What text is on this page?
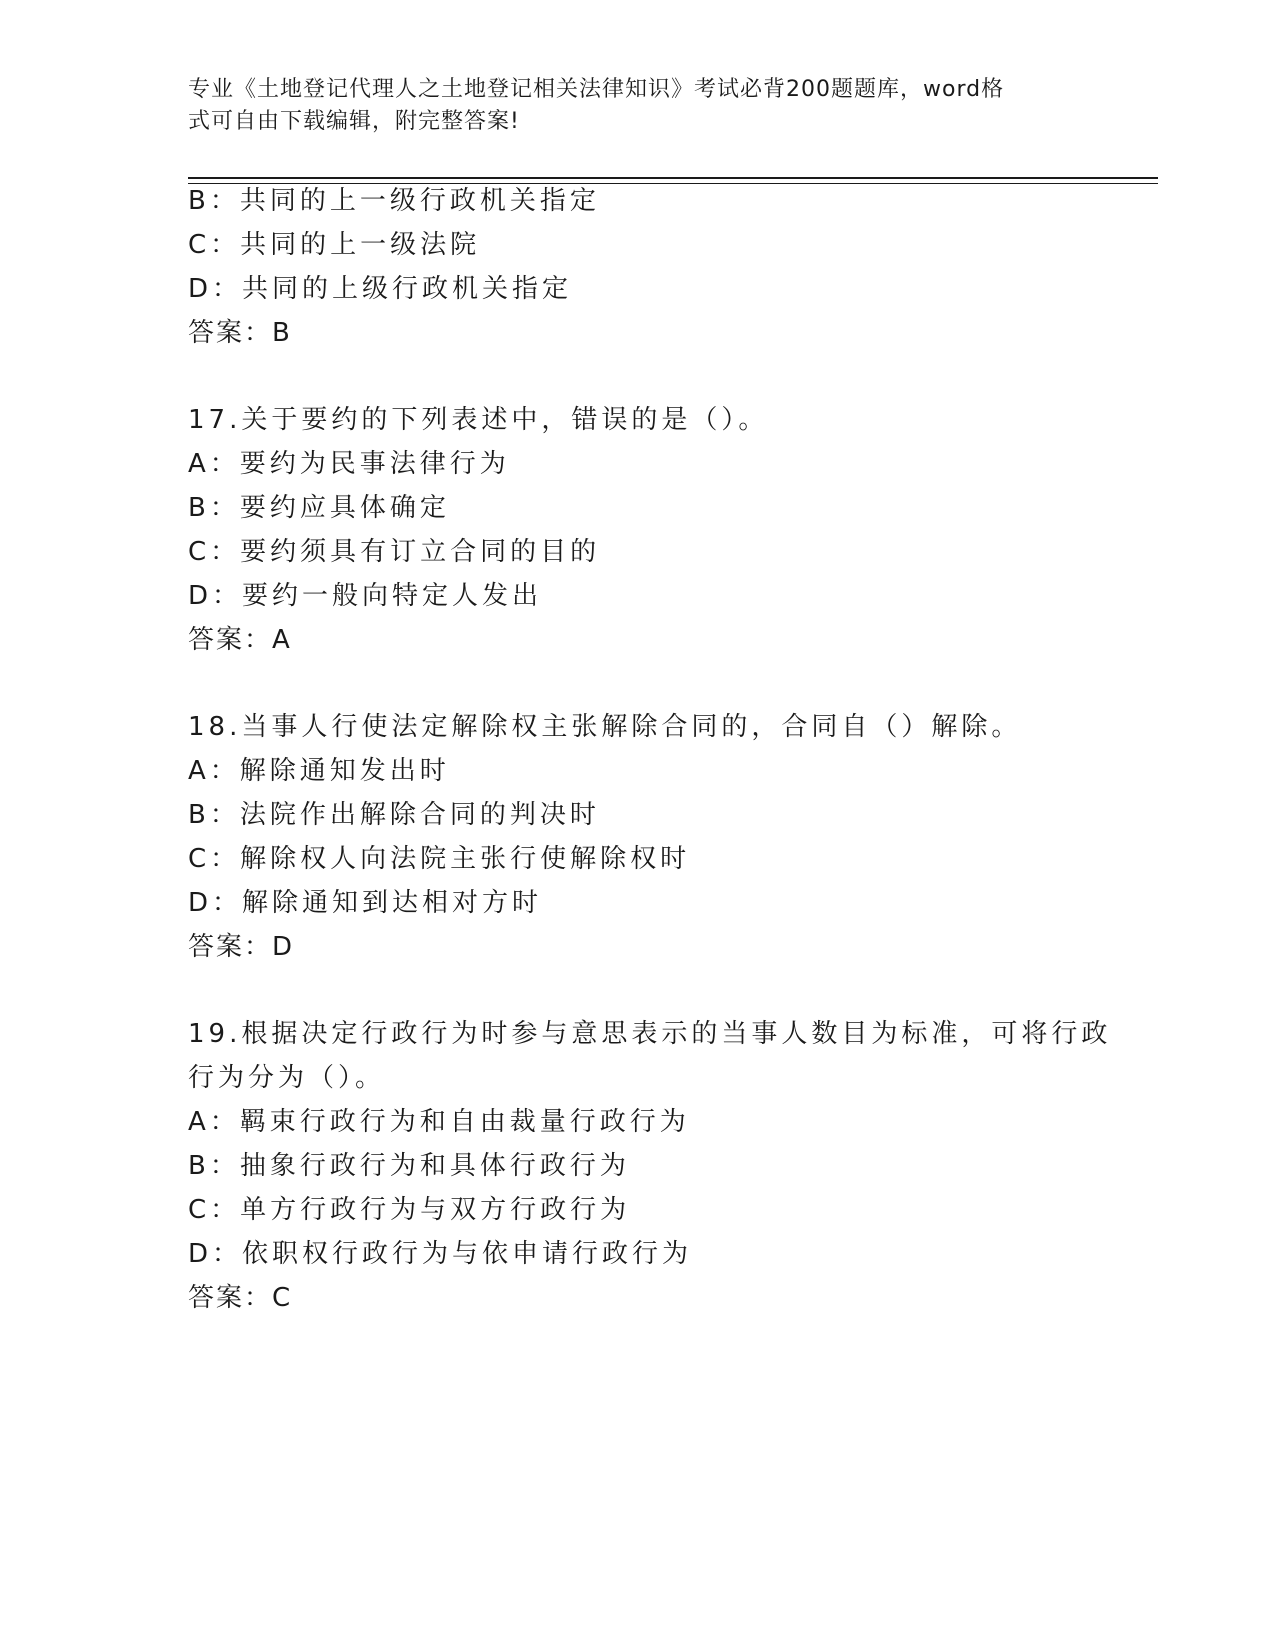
专业《土地登记代理人之土地登记相关法律知识》考试必背200题题库，word格
式可自由下载编辑，附完整答案!
B：共同的上一级行政机关指定
C：共同的上一级法院
D：共同的上级行政机关指定
答案：B
17.关于要约的下列表述中，错误的是（）。
A：要约为民事法律行为
B：要约应具体确定
C：要约须具有订立合同的目的
D：要约一般向特定人发出
答案：A
18.当事人行使法定解除权主张解除合同的，合同自（）解除。
A：解除通知发出时
B：法院作出解除合同的判决时
C：解除权人向法院主张行使解除权时
D：解除通知到达相对方时
答案：D
19.根据决定行政行为时参与意思表示的当事人数目为标准，可将行政
行为分为（）。
A：羁束行政行为和自由裁量行政行为
B：抽象行政行为和具体行政行为
C：单方行政行为与双方行政行为
D：依职权行政行为与依申请行政行为
答案：C
